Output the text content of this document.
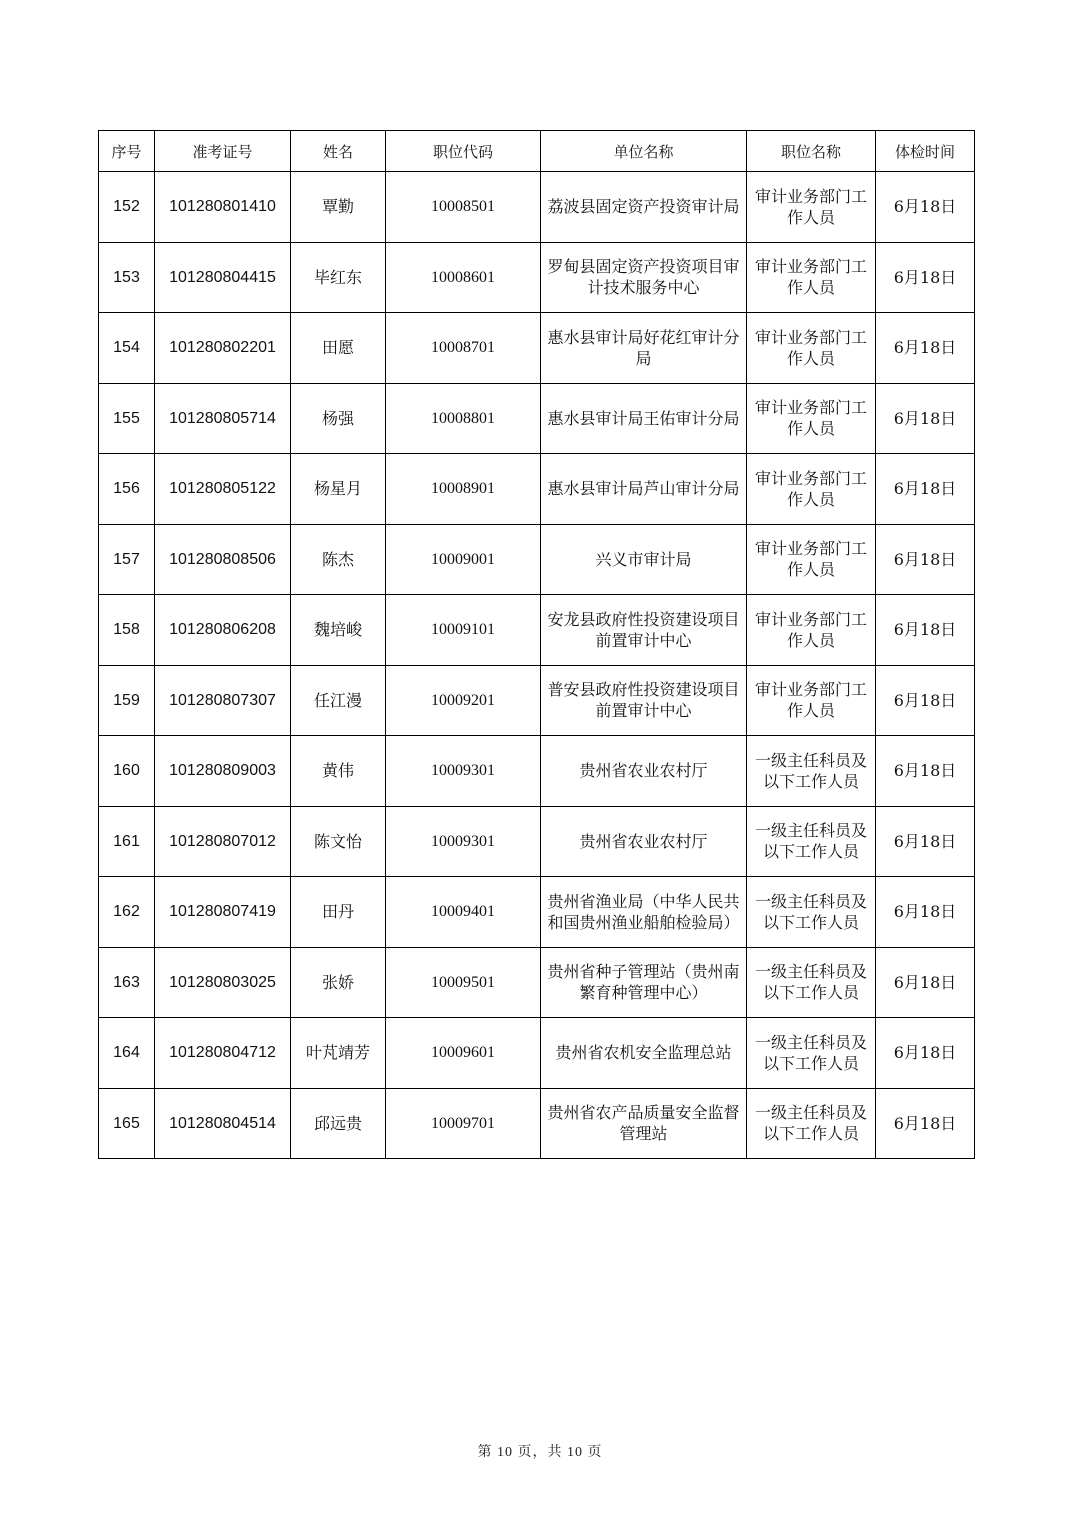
序号	准考证号	姓名	职位代码	单位名称	职位名称	体检时间
152	101280801410	覃勤	10008501	荔波县固定资产投资审计局	审计业务部门工作人员	6月18日
153	101280804415	毕红东	10008601	罗甸县固定资产投资项目审计技术服务中心	审计业务部门工作人员	6月18日
154	101280802201	田愿	10008701	惠水县审计局好花红审计分局	审计业务部门工作人员	6月18日
155	101280805714	杨强	10008801	惠水县审计局王佑审计分局	审计业务部门工作人员	6月18日
156	101280805122	杨星月	10008901	惠水县审计局芦山审计分局	审计业务部门工作人员	6月18日
157	101280808506	陈杰	10009001	兴义市审计局	审计业务部门工作人员	6月18日
158	101280806208	魏培峻	10009101	安龙县政府性投资建设项目前置审计中心	审计业务部门工作人员	6月18日
159	101280807307	任江漫	10009201	普安县政府性投资建设项目前置审计中心	审计业务部门工作人员	6月18日
160	101280809003	黄伟	10009301	贵州省农业农村厅	一级主任科员及以下工作人员	6月18日
161	101280807012	陈文怡	10009301	贵州省农业农村厅	一级主任科员及以下工作人员	6月18日
162	101280807419	田丹	10009401	贵州省渔业局（中华人民共和国贵州渔业船舶检验局）	一级主任科员及以下工作人员	6月18日
163	101280803025	张娇	10009501	贵州省种子管理站（贵州南繁育种管理中心）	一级主任科员及以下工作人员	6月18日
164	101280804712	叶芃靖芳	10009601	贵州省农机安全监理总站	一级主任科员及以下工作人员	6月18日
165	101280804514	邱远贵	10009701	贵州省农产品质量安全监督管理站	一级主任科员及以下工作人员	6月18日
第 10 页，共 10 页
